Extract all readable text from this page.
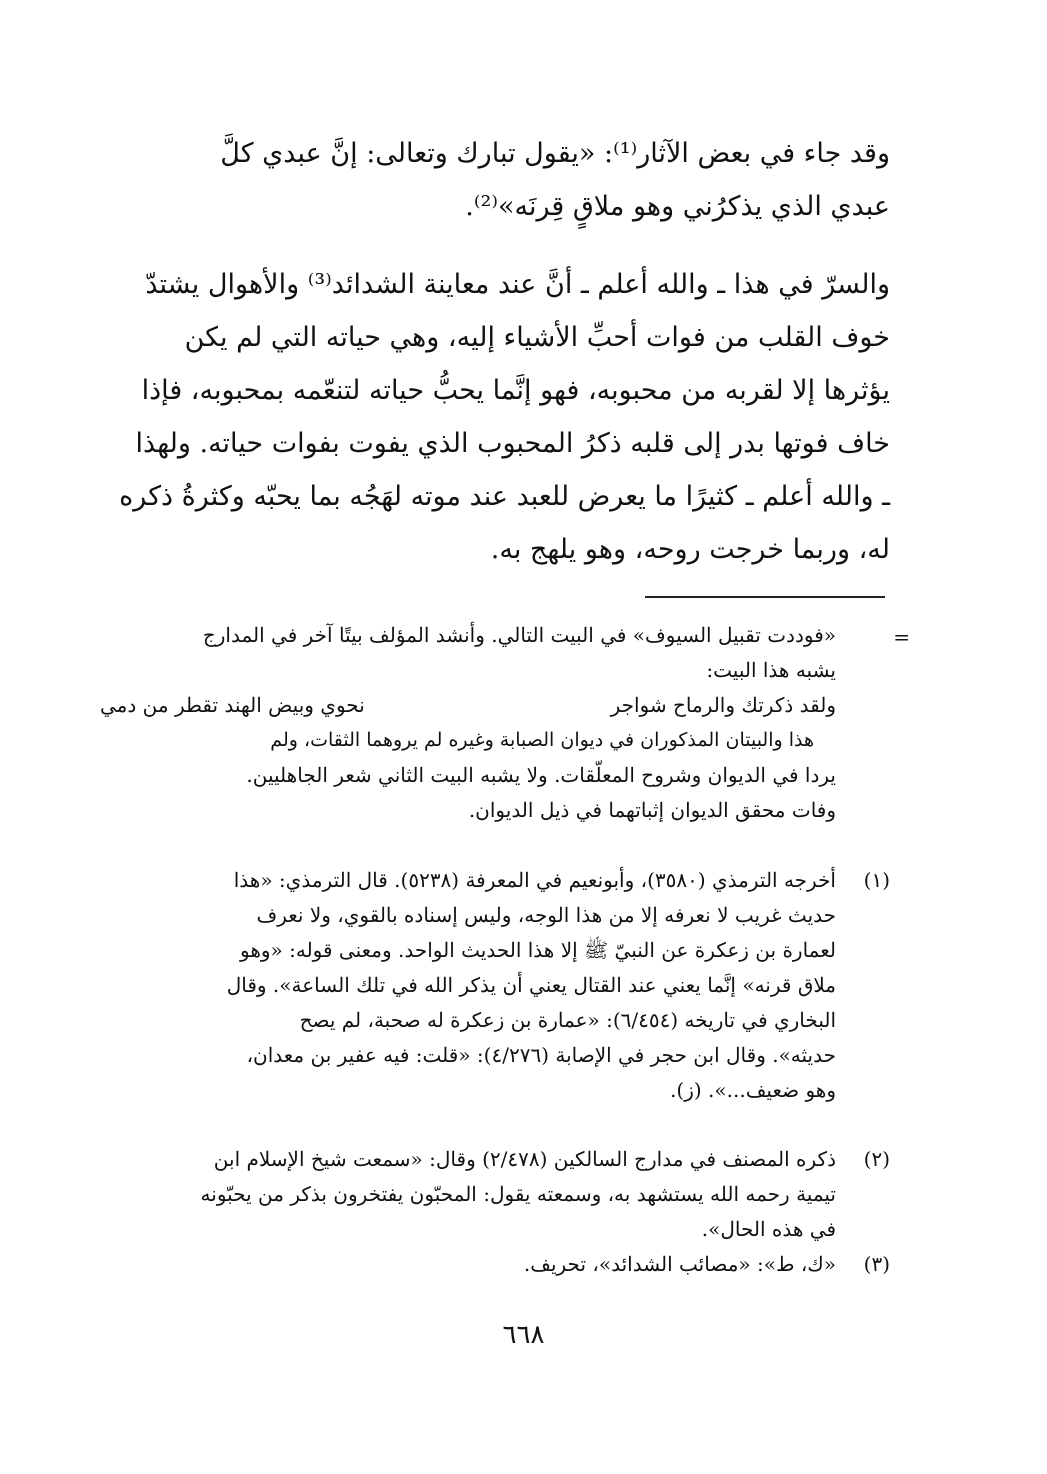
وقد جاء في بعض الآثار⁽¹⁾: «يقول تبارك وتعالى: إنَّ عبدي كلَّ
عبدي الذي يذكرُني وهو ملاقٍ قِرنَه»⁽²⁾.
والسرّ في هذا ـ والله أعلم ـ أنَّ عند معاينة الشدائد⁽³⁾ والأهوال يشتدّ
خوف القلب من فوات أحبِّ الأشياء إليه، وهي حياته التي لم يكن
يؤثرها إلا لقربه من محبوبه، فهو إنَّما يحبُّ حياته لتنعّمه بمحبوبه، فإذا
خاف فوتها بدر إلى قلبه ذكرُ المحبوب الذي يفوت بفوات حياته. ولهذا
ـ والله أعلم ـ كثيرًا ما يعرض للعبد عند موته لهَجُه بما يحبّه وكثرةُ ذكره
له، وربما خرجت روحه، وهو يلهج به.
=
«فوددت تقبيل السيوف» في البيت التالي. وأنشد المؤلف بيتًا آخر في المدارج
يشبه هذا البيت:
ولقد ذكرتك والرماح شواجر
نحوي وبيض الهند تقطر من دمي
هذا والبيتان المذكوران في ديوان الصبابة وغيره لم يروهما الثقات، ولم
يردا في الديوان وشروح المعلّقات. ولا يشبه البيت الثاني شعر الجاهليين.
وفات محقق الديوان إثباتهما في ذيل الديوان.
(١)
أخرجه الترمذي (٣٥٨٠)، وأبونعيم في المعرفة (٥٢٣٨). قال الترمذي: «هذا
حديث غريب لا نعرفه إلا من هذا الوجه، وليس إسناده بالقوي، ولا نعرف
لعمارة بن زعكرة عن النبيّ ﷺ إلا هذا الحديث الواحد. ومعنى قوله: «وهو
ملاق قرنه» إنَّما يعني عند القتال يعني أن يذكر الله في تلك الساعة». وقال
البخاري في تاريخه (٦/٤٥٤): «عمارة بن زعكرة له صحبة، لم يصح
حديثه». وقال ابن حجر في الإصابة (٤/٢٧٦): «قلت: فيه عفير بن معدان،
وهو ضعيف...». (ز).
(٢)
ذكره المصنف في مدارج السالكين (٢/٤٧٨) وقال: «سمعت شيخ الإسلام ابن
تيمية رحمه الله يستشهد به، وسمعته يقول: المحبّون يفتخرون بذكر من يحبّونه
في هذه الحال».
(٣)
«ك، ط»: «مصائب الشدائد»، تحريف.
٦٦٨
